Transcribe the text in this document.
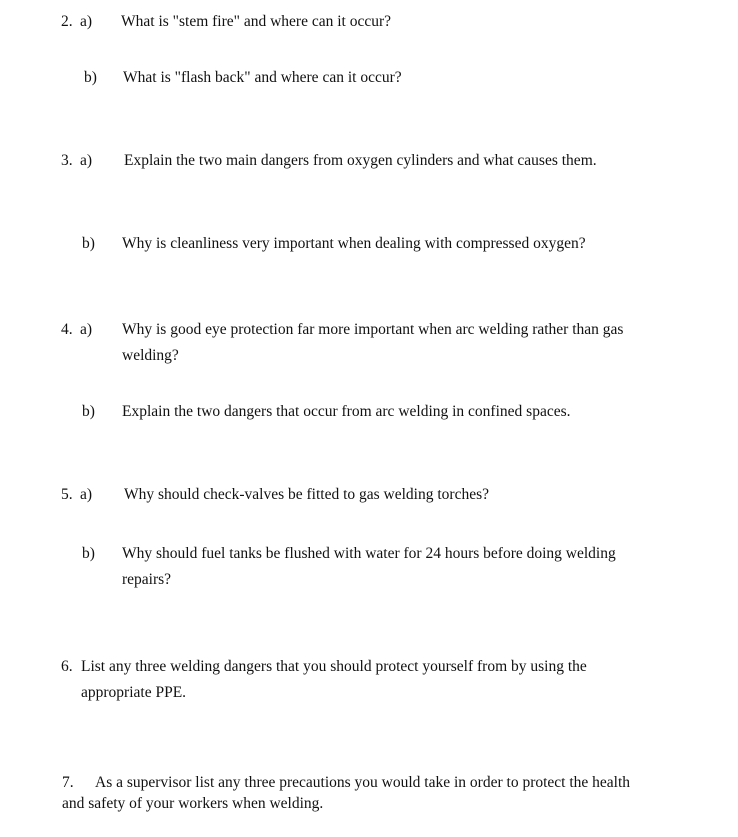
2. a) What is "stem fire" and where can it occur?
b) What is "flash back" and where can it occur?
3. a) Explain the two main dangers from oxygen cylinders and what causes them.
b) Why is cleanliness very important when dealing with compressed oxygen?
4. a) Why is good eye protection far more important when arc welding rather than gas
welding?
b) Explain the two dangers that occur from arc welding in confined spaces.
5. a) Why should check-valves be fitted to gas welding torches?
b) Why should fuel tanks be flushed with water for 24 hours before doing welding
repairs?
6. List any three welding dangers that you should protect yourself from by using the
appropriate PPE.
7. As a supervisor list any three precautions you would take in order to protect the health
and safety of your workers when welding.
